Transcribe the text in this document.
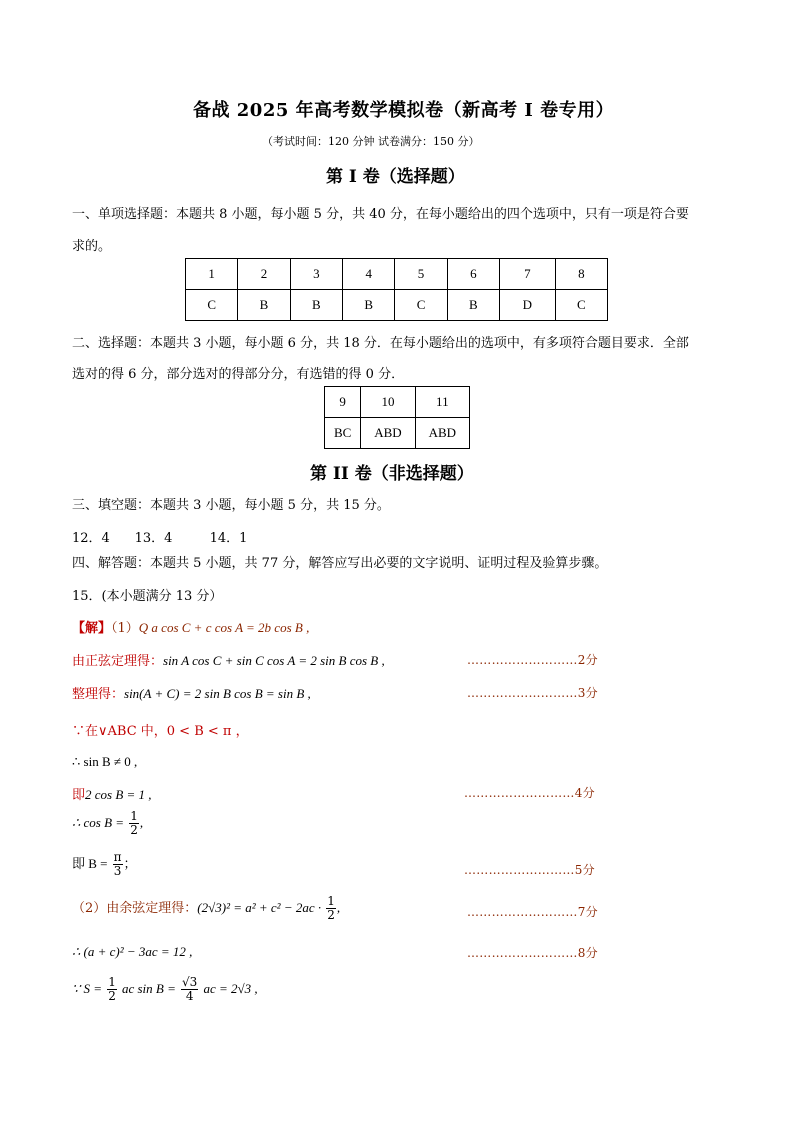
备战 2025 年高考数学模拟卷（新高考 I 卷专用）
（考试时间：120 分钟 试卷满分：150 分）
第 I 卷（选择题）
一、单项选择题：本题共 8 小题，每小题 5 分，共 40 分，在每小题给出的四个选项中，只有一项是符合要
求的。
1	2	3	4	5	6	7	8
C	B	B	B	C	B	D	C
二、选择题：本题共 3 小题，每小题 6 分，共 18 分．在每小题给出的选项中，有多项符合题目要求．全部
选对的得 6 分，部分选对的得部分分，有选错的得 0 分．
9	10	11
BC	ABD	ABD
第 II 卷（非选择题）
三、填空题：本题共 3 小题，每小题 5 分，共 15 分。
12．4      13．4         14．1
四、解答题：本题共 5 小题，共 77 分，解答应写出必要的文字说明、证明过程及验算步骤。
15．(本小题满分 13 分）
【解】（1）Q a cos C + c cos A = 2b cos B ,
由正弦定理得：sin A cos C + sin C cos A = 2 sin B cos B ,	………………………2分
整理得：sin(A + C) = 2 sin B cos B = sin B ,	………………………3分
∵在∨ABC 中，0 < B < π ，
∴ sin B ≠ 0 ,
即2 cos B = 1 ,	………………………4分
∴ $\cos B = \frac{1}{2}$ ,
即 $B = \frac{\pi}{3}$ ；	………………………5分
（2）由余弦定理得：$(2√3)^2 = a^2 + c^2 - 2ac \cdot \frac{1}{2}$ ,	………………………7分
∴ (a + c)² − 3ac = 12 ,	………………………8分
∵ $S = \frac{1}{2}$ ac $\sin B = \frac{√3}{4}$ ac = 2√3 ,
